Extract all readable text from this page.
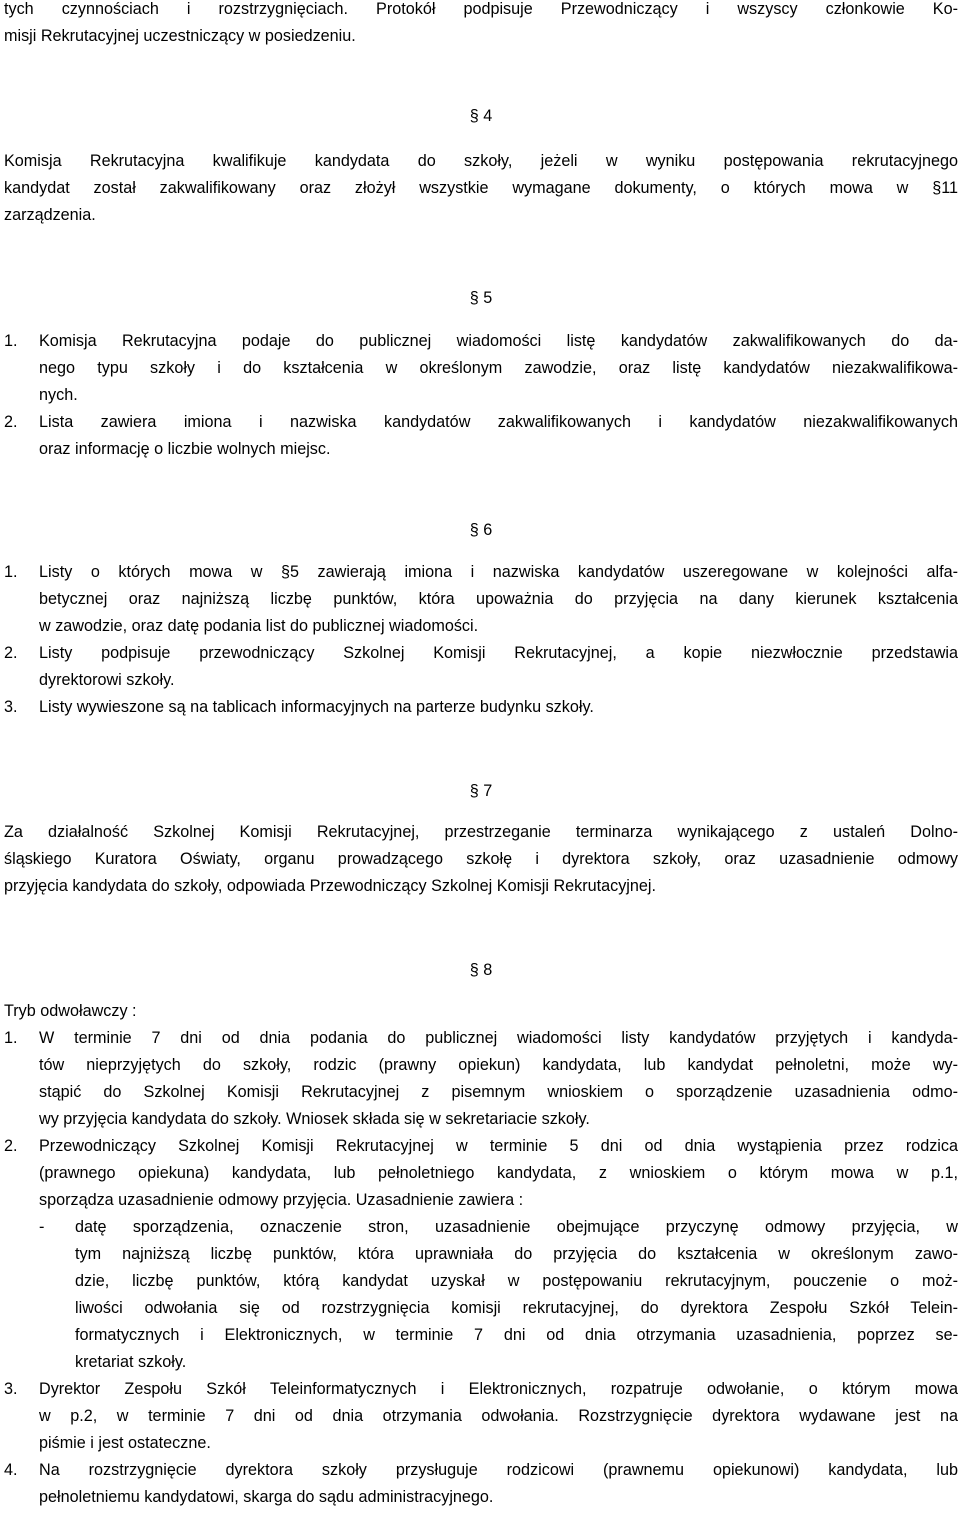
tych czynnościach i rozstrzygnięciach. Protokół podpisuje Przewodniczący i wszyscy członkowie Ko-
misji Rekrutacyjnej uczestniczący w posiedzeniu.
§ 4
Komisja Rekrutacyjna kwalifikuje kandydata do szkoły, jeżeli w wyniku postępowania rekrutacyjnego
kandydat został zakwalifikowany oraz złożył wszystkie wymagane dokumenty, o których mowa w §11
zarządzenia.
§ 5
1. Komisja Rekrutacyjna podaje do publicznej wiadomości listę kandydatów zakwalifikowanych do da-
nego typu szkoły i do kształcenia w określonym zawodzie, oraz listę kandydatów niezakwalifikowa-
nych.
2. Lista zawiera imiona i nazwiska kandydatów zakwalifikowanych i kandydatów niezakwalifikowanych
oraz informację o liczbie wolnych miejsc.
§ 6
1. Listy o których mowa w §5 zawierają imiona i nazwiska kandydatów uszeregowane w kolejności alfa-
betycznej oraz najniższą liczbę punktów, która upoważnia do przyjęcia na dany kierunek kształcenia
w zawodzie, oraz datę podania list do publicznej wiadomości.
2. Listy podpisuje przewodniczący Szkolnej Komisji Rekrutacyjnej, a kopie niezwłocznie przedstawia
dyrektorowi szkoły.
3. Listy wywieszone są na tablicach informacyjnych na parterze budynku szkoły.
§ 7
Za działalność Szkolnej Komisji Rekrutacyjnej, przestrzeganie terminarza wynikającego z ustaleń Dolno-
śląskiego Kuratora Oświaty, organu prowadzącego szkołę i dyrektora szkoły, oraz uzasadnienie odmowy
przyjęcia kandydata do szkoły, odpowiada Przewodniczący Szkolnej Komisji Rekrutacyjnej.
§ 8
Tryb odwoławczy :
1. W terminie 7 dni od dnia podania do publicznej wiadomości listy kandydatów przyjętych i kandyda-
tów nieprzyjętych do szkoły, rodzic (prawny opiekun) kandydata, lub kandydat pełnoletni, może wy-
stąpić do Szkolnej Komisji Rekrutacyjnej z pisemnym wnioskiem o sporządzenie uzasadnienia odmo-
wy przyjęcia kandydata do szkoły. Wniosek składa się w sekretariacie szkoły.
2. Przewodniczący Szkolnej Komisji Rekrutacyjnej w terminie 5 dni od dnia wystąpienia przez rodzica
(prawnego opiekuna) kandydata, lub pełnoletniego kandydata, z wnioskiem o którym mowa w p.1,
sporządza uzasadnienie odmowy przyjęcia. Uzasadnienie zawiera :
- datę sporządzenia, oznaczenie stron, uzasadnienie obejmujące przyczynę odmowy przyjęcia, w
tym najniższą liczbę punktów, która uprawniała do przyjęcia do kształcenia w określonym zawo-
dzie, liczbę punktów, którą kandydat uzyskał w postępowaniu rekrutacyjnym, pouczenie o moż-
liwości odwołania się od rozstrzygnięcia komisji rekrutacyjnej, do dyrektora Zespołu Szkół Telein-
formatycznych i Elektronicznych, w terminie 7 dni od dnia otrzymania uzasadnienia, poprzez se-
kretariat szkoły.
3. Dyrektor Zespołu Szkół Teleinformatycznych i Elektronicznych, rozpatruje odwołanie, o którym mowa
w p.2, w terminie 7 dni od dnia otrzymania odwołania. Rozstrzygnięcie dyrektora wydawane jest na
piśmie i jest ostateczne.
4. Na rozstrzygnięcie dyrektora szkoły przysługuje rodzicowi (prawnemu opiekunowi) kandydata, lub
pełnoletniemu kandydatowi, skarga do sądu administracyjnego.
